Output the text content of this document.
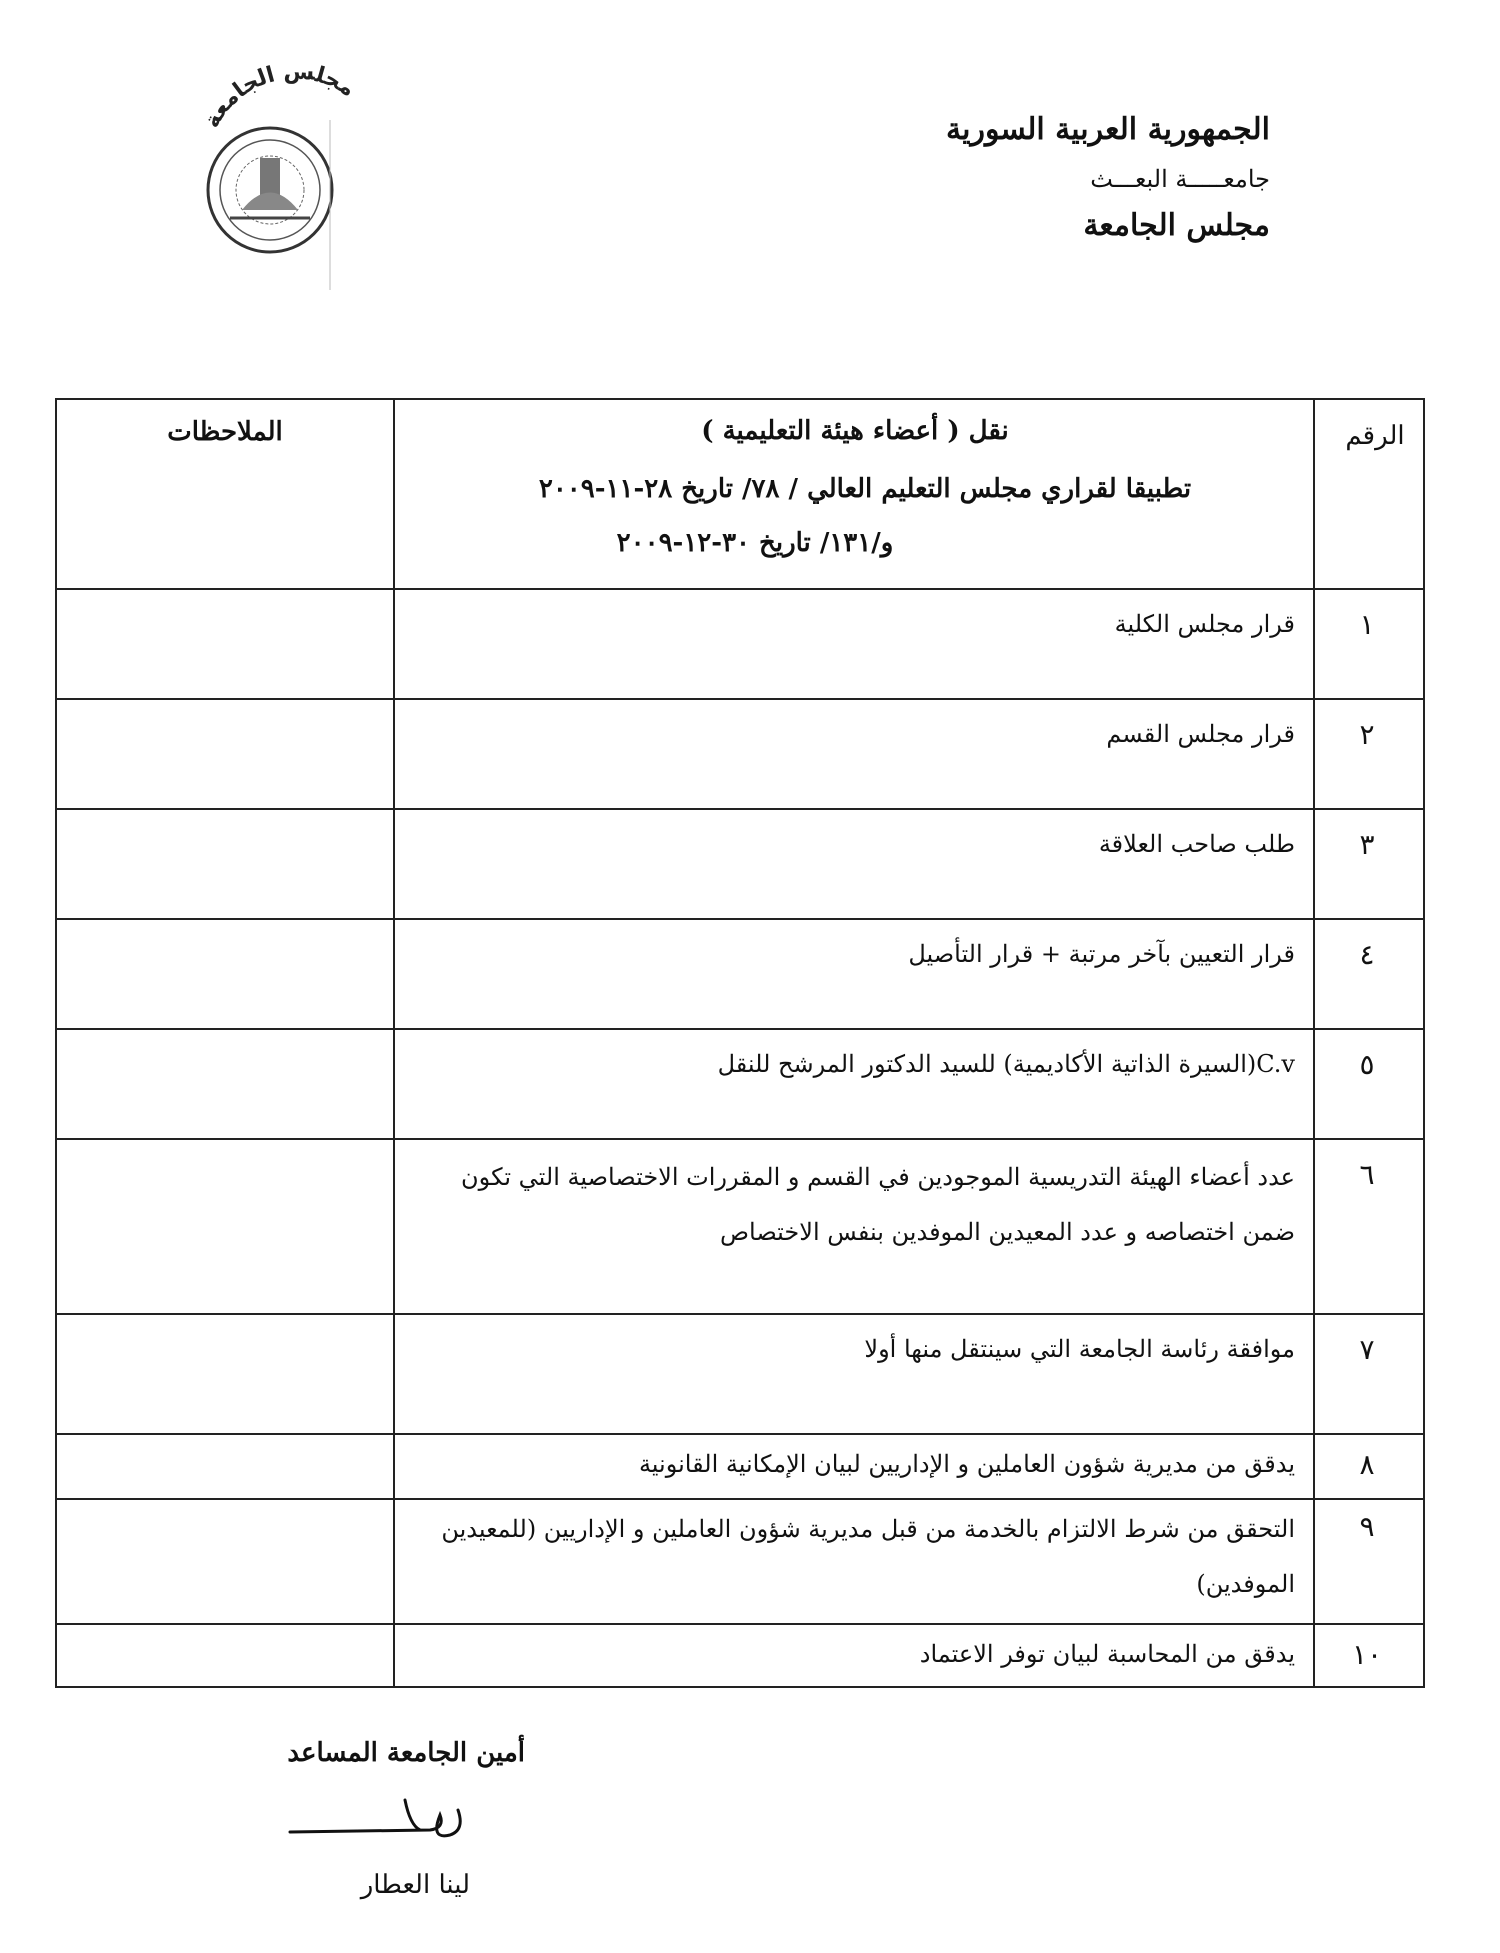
الجمهورية العربية السورية
جامعـــــة البعـــث
مجلس الجامعة
مجلس الجامعة
الرقم
الملاحظات	نقل ( أعضاء هيئة التعليمية )
تطبيقا لقراري مجلس التعليم العالي / ٧٨/ تاريخ ٢٨-١١-٢٠٠٩
و/١٣١/ تاريخ ٣٠-١٢-٢٠٠٩
١
قرار مجلس الكلية
٢
قرار مجلس القسم
٣
طلب صاحب العلاقة
٤
قرار التعيين بآخر مرتبة + قرار التأصيل
٥
C.v(السيرة الذاتية الأكاديمية) للسيد الدكتور المرشح للنقل
٦
عدد أعضاء الهيئة التدريسية الموجودين في القسم و المقررات الاختصاصية التي تكون ضمن اختصاصه و عدد المعيدين الموفدين بنفس الاختصاص
٧
موافقة رئاسة الجامعة التي سينتقل منها أولا
٨
يدقق من مديرية شؤون العاملين و الإداريين لبيان الإمكانية القانونية
٩
التحقق من شرط الالتزام بالخدمة من قبل مديرية شؤون العاملين و الإداريين (للمعيدين الموفدين)
١٠
يدقق من المحاسبة لبيان توفر الاعتماد
أمين الجامعة المساعد
لينا العطار
